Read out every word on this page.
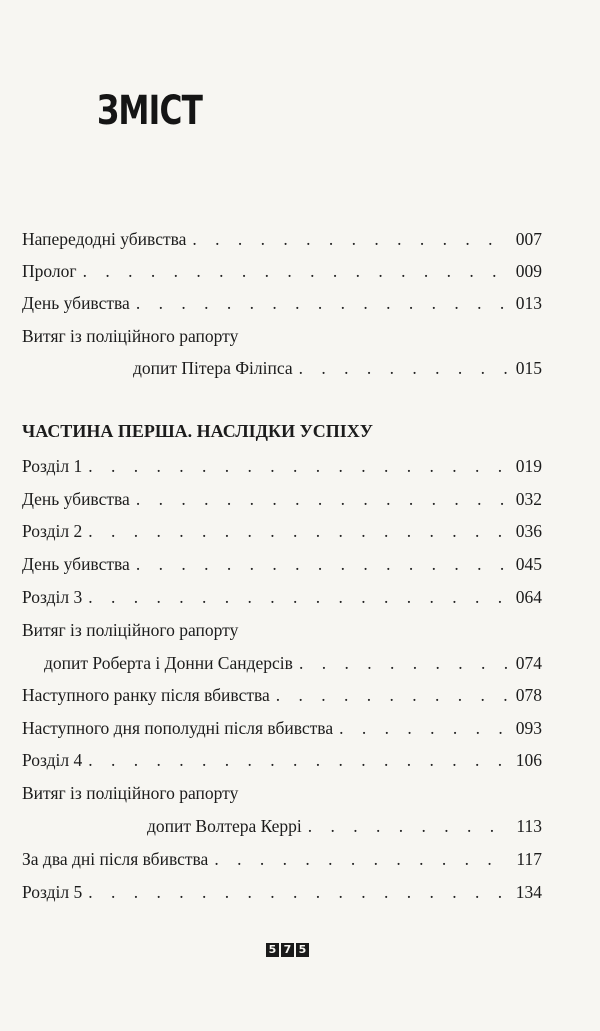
ЗМІСТ
Напередодні убивства . . .	007
Пролог . . .	009
День убивства . . .	013
Витяг із поліційного рапорту
допит Пітера Філіпса . . .	015
ЧАСТИНА ПЕРША. НАСЛІДКИ УСПІХУ
Розділ 1 . . .	019
День убивства . . .	032
Розділ 2 . . .	036
День убивства . . .	045
Розділ 3 . . .	064
Витяг із поліційного рапорту
допит Роберта і Донни Сандерсів . . .	074
Наступного ранку після вбивства . . .	078
Наступного дня пополудні після вбивства . . .	093
Розділ 4 . . .	106
Витяг із поліційного рапорту
допит Волтера Керрі . . .	113
За два дні після вбивства . . .	117
Розділ 5 . . .	134
5 7 5
